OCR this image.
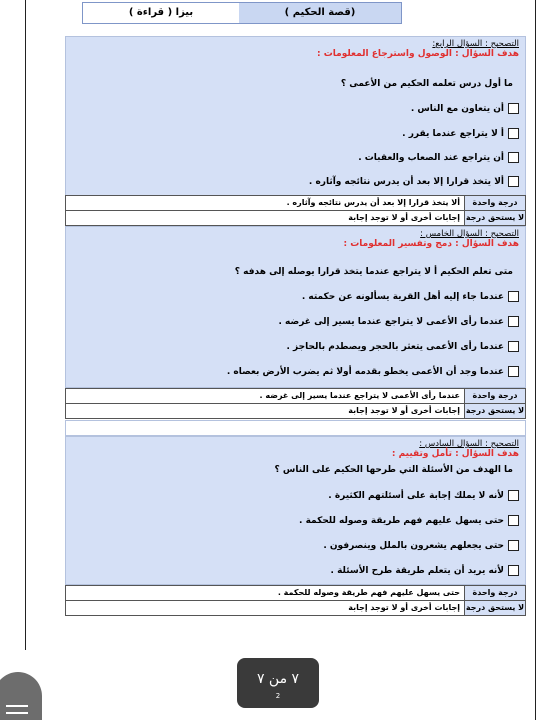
(قصة الحكيم )
بيزا ( قراءة )
التصحيح : السؤال الرابع:
هدف السؤال : الوصول واسترجاع المعلومات :
ما أول درس تعلمه الحكيم من الأعمى ؟
أن يتعاون مع الناس .
أ لا يتراجع عندما يقرر .
أن يتراجع عند الصعاب والعقبات .
ألا يتخذ قرارا إلا بعد أن يدرس نتائجه وآثاره .
درجة واحدة
ألا يتخذ قرارا إلا بعد أن يدرس نتائجه وآثاره .
لا يستحق درجة
إجابات أخرى أو لا توجد إجابة
التصحيح : السؤال الخامس :
هدف السؤال : دمج وتفسير المعلومات :
متى تعلم الحكيم أ لا يتراجع عندما يتخذ قرارا يوصله إلى هدفه ؟
عندما جاء إليه أهل القرية يسألونه عن حكمته .
عندما رأى الأعمى لا يتراجع عندما يسير إلى غرضه .
عندما رأى الأعمى يتعثر بالحجر ويصطدم بالحاجز .
عندما وجد أن الأعمى يخطو بقدمه أولا ثم يضرب الأرض بعصاه .
درجة واحدة
عندما رأى الأعمى لا يتراجع عندما يسير إلى غرضه .
لا يستحق درجة
إجابات أخرى أو لا توجد إجابة
التصحيح : السؤال السادس :
هدف السؤال : تأمل وتقييم :
ما الهدف من الأسئلة التي طرحها الحكيم على الناس ؟
لأنه لا يملك إجابة على أسئلتهم الكثيرة .
حتى يسهل عليهم فهم طريقة وصوله للحكمة .
حتى يجعلهم يشعرون بالملل وينصرفون .
لأنه يريد أن يتعلم طريقة طرح الأسئلة .
درجة واحدة
حتى يسهل عليهم فهم طريقة وصوله للحكمة .
لا يستحق درجة
إجابات أخرى أو لا توجد إجابة
٧ من ٧
2
